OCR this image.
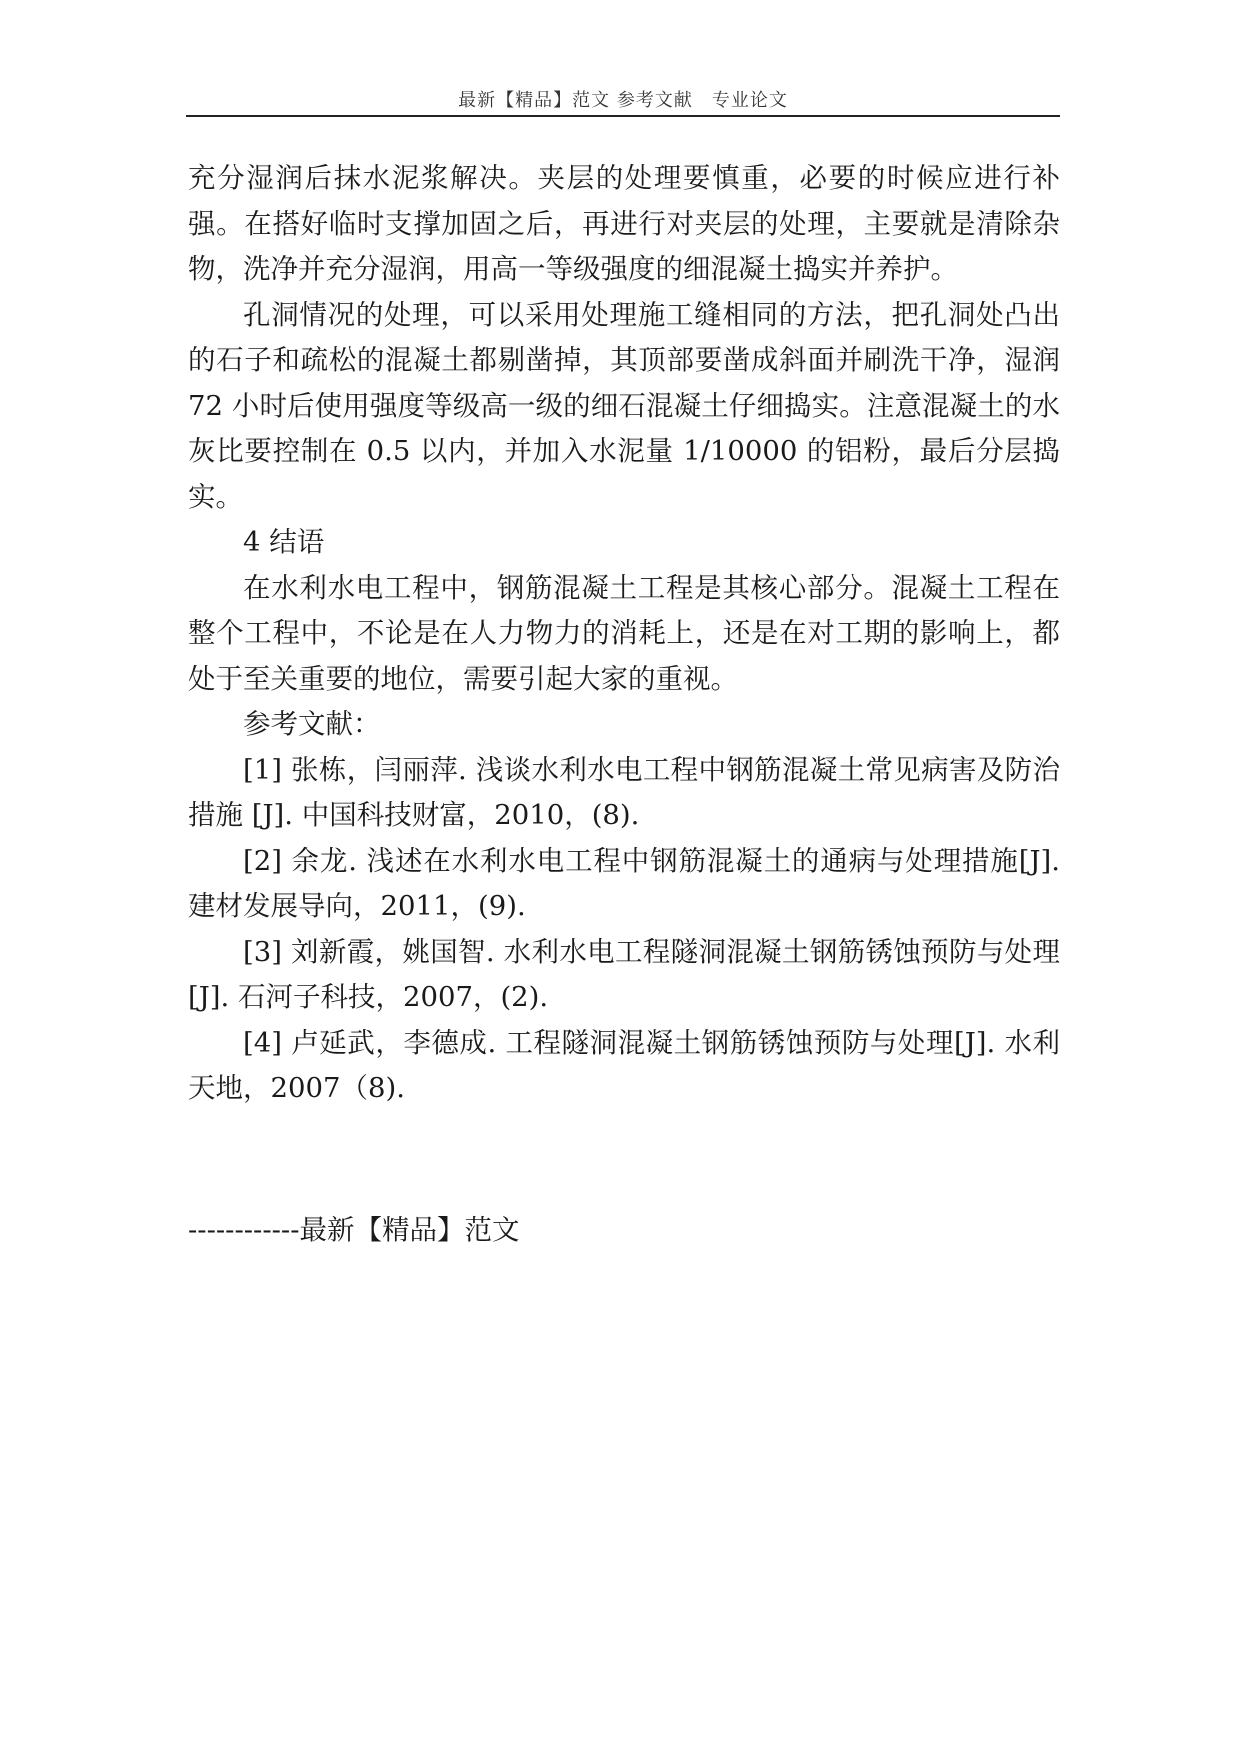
最新【精品】范文 参考文献　专业论文

充分湿润后抹水泥浆解决。夹层的处理要慎重，必要的时候应进行补强。在搭好临时支撑加固之后，再进行对夹层的处理，主要就是清除杂物，洗净并充分湿润，用高一等级强度的细混凝土捣实并养护。

孔洞情况的处理，可以采用处理施工缝相同的方法，把孔洞处凸出的石子和疏松的混凝土都剔凿掉，其顶部要凿成斜面并刷洗干净，湿润 72 小时后使用强度等级高一级的细石混凝土仔细捣实。注意混凝土的水灰比要控制在 0.5 以内，并加入水泥量 1/10000 的铝粉，最后分层捣实。

4 结语

在水利水电工程中，钢筋混凝土工程是其核心部分。混凝土工程在整个工程中，不论是在人力物力的消耗上，还是在对工期的影响上，都处于至关重要的地位，需要引起大家的重视。

参考文献：

[1] 张栋，闫丽萍. 浅谈水利水电工程中钢筋混凝土常见病害及防治措施 [J]. 中国科技财富，2010，(8).

[2] 余龙. 浅述在水利水电工程中钢筋混凝土的通病与处理措施[J]. 建材发展导向，2011，(9).

[3] 刘新霞，姚国智. 水利水电工程隧洞混凝土钢筋锈蚀预防与处理 [J]. 石河子科技，2007，(2).

[4] 卢延武，李德成. 工程隧洞混凝土钢筋锈蚀预防与处理[J]. 水利天地，2007（8).

------------最新【精品】范文
